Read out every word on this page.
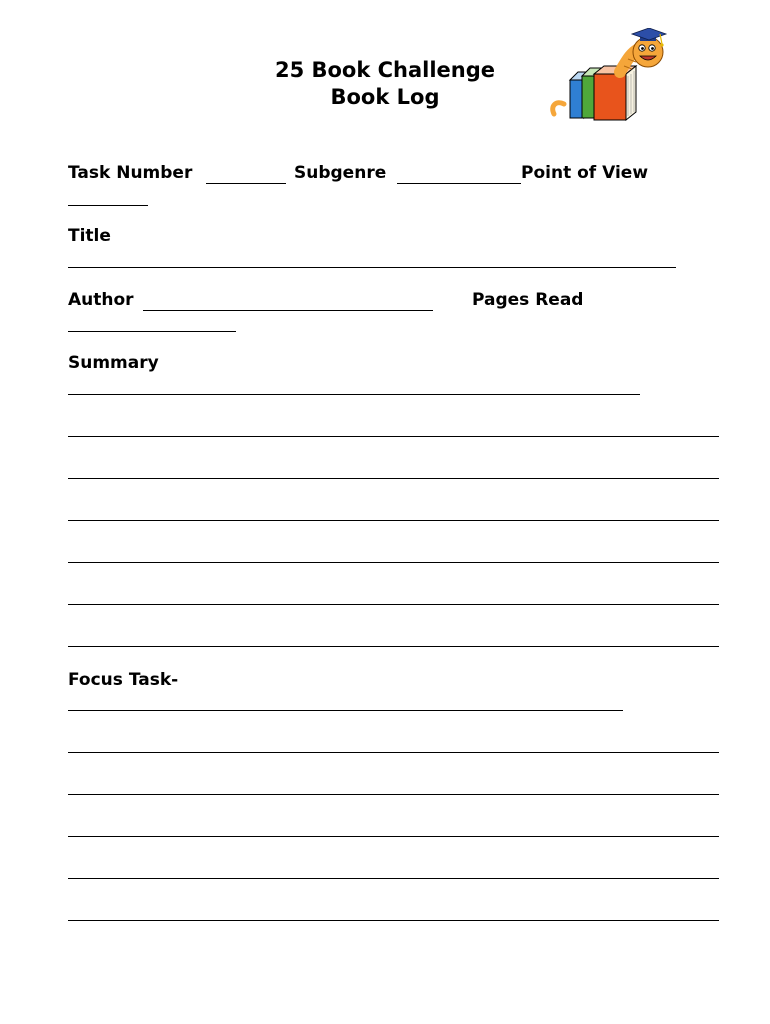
25 Book Challenge
Book Log
Task Number	Subgenre	Point of View
Title
Author	Pages Read
Summary
Focus Task-
